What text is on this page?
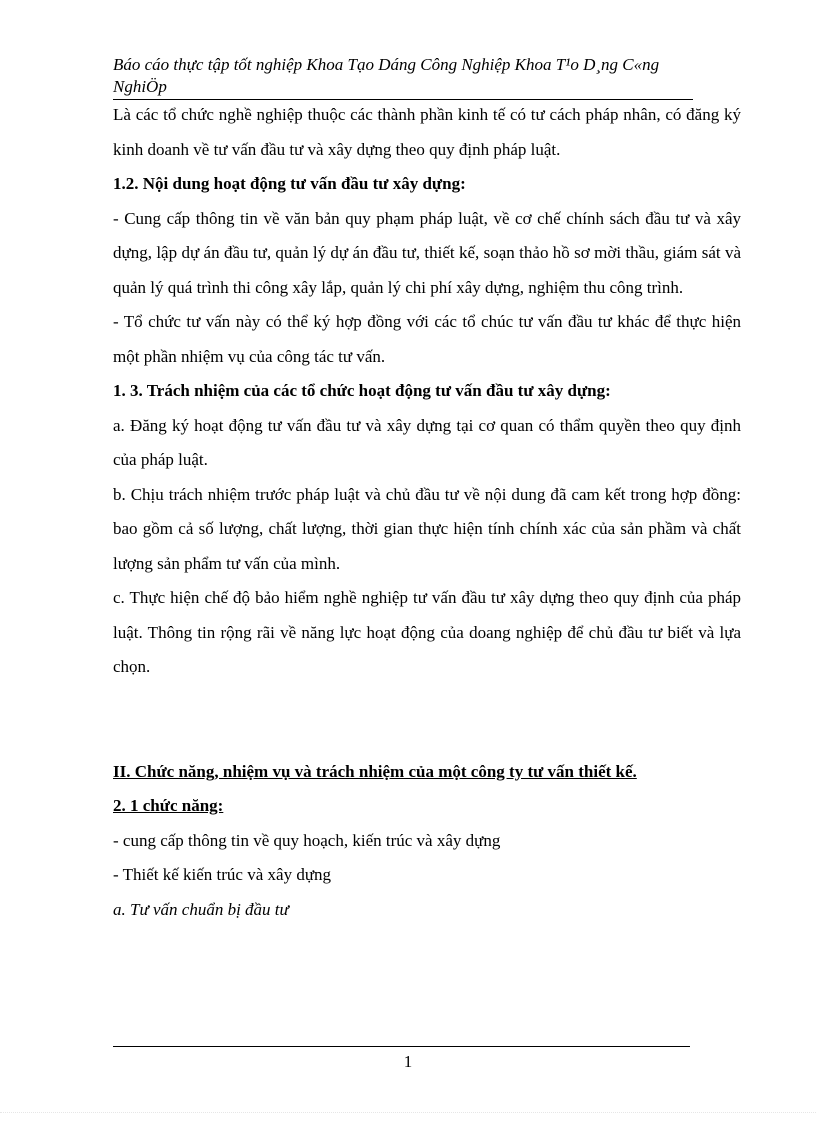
Báo cáo thực tập tốt nghiệp Khoa Tạo Dáng Công Nghiệp Khoa T¹o D¸ng C«ng NghiÖp

Là các tổ chức nghề nghiệp thuộc các thành phần kinh tế có tư cách pháp nhân, có đăng ký kinh doanh về tư vấn đầu tư và xây dựng theo quy định pháp luật.

1.2. Nội dung hoạt động tư vấn đầu tư xây dựng:

- Cung cấp thông tin về văn bản quy phạm pháp luật, về cơ chế chính sách đầu tư và xây dựng, lập dự án đầu tư, quản lý dự án đầu tư, thiết kế, soạn thảo hồ sơ mời thầu, giám sát và quản lý quá trình thi công xây lắp, quản lý chi phí xây dựng, nghiệm thu công trình.

- Tổ chức tư vấn này có thể ký hợp đồng với các tổ chúc tư vấn đầu tư khác để thực hiện một phần nhiệm vụ của công tác tư vấn.

1. 3. Trách nhiệm của các tổ chức hoạt động tư vấn đầu tư xây dựng:

a. Đăng ký hoạt động tư vấn đầu tư và xây dựng tại cơ quan có thẩm quyền theo quy định của pháp luật.

b. Chịu trách nhiệm trước pháp luật và chủ đầu tư về nội dung đã cam kết trong hợp đồng: bao gồm cả số lượng, chất lượng, thời gian thực hiện tính chính xác của sản phầm và chất lượng sản phẩm tư vấn của mình.

c. Thực hiện chế độ bảo hiểm nghề nghiệp tư vấn đầu tư xây dựng theo quy định của pháp luật. Thông tin rộng rãi về năng lực hoạt động của doang nghiệp để chủ đầu tư biết và lựa chọn.

II. Chức năng, nhiệm vụ và trách nhiệm của một công ty tư vấn thiết kế.

2. 1 chức năng:

- cung cấp thông tin về quy hoạch, kiến trúc và xây dựng

- Thiết kế kiến trúc và xây dựng

a. Tư vấn chuẩn bị đầu tư

1
